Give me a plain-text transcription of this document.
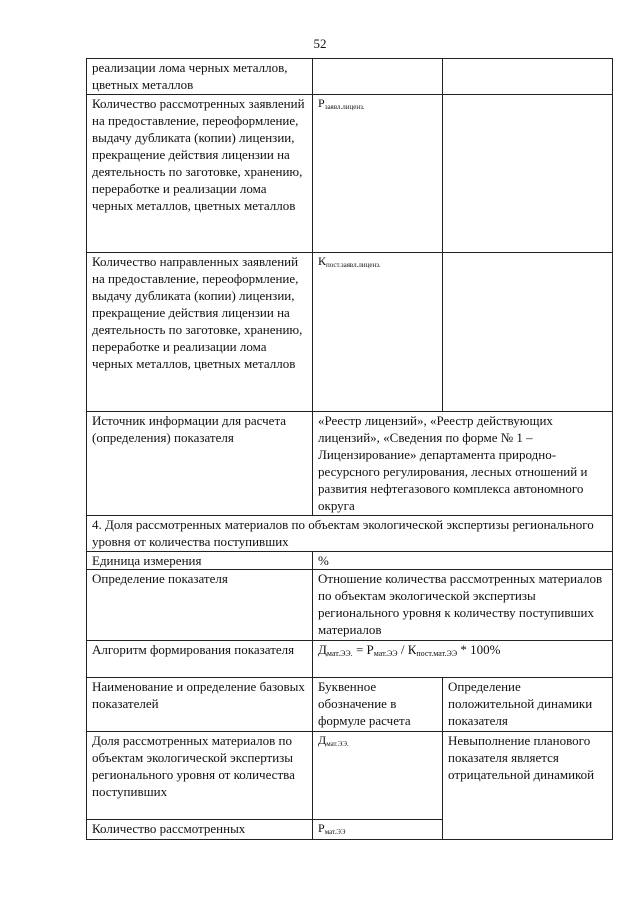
52
реализации лома черных металлов, цветных металлов		
Количество рассмотренных заявлений на предоставление, переоформление, выдачу дубликата (копии) лицензии, прекращение действия лицензии на деятельность по заготовке, хранению, переработке и реализации лома черных металлов, цветных металлов	$Р_{заявл.лиценз.}$	
Количество направленных заявлений на предоставление, переоформление, выдачу дубликата (копии) лицензии, прекращение действия лицензии на деятельность по заготовке, хранению, переработке и реализации лома черных металлов, цветных металлов	$К_{пост.заявл.лиценз.}$	
Источник информации для расчета (определения) показателя	«Реестр лицензий», «Реестр действующих лицензий», «Сведения по форме № 1 – Лицензирование» департамента природно-ресурсного регулирования, лесных отношений и развития нефтегазового комплекса автономного округа	
4. Доля рассмотренных материалов по объектам экологической экспертизы регионального уровня от количества поступивших		
Единица измерения	%	
Определение показателя	Отношение количества рассмотренных материалов по объектам экологической экспертизы регионального уровня к количеству поступивших материалов	
Алгоритм формирования показателя	$Д_{мат.ЭЭ.} = Р_{мат.ЭЭ} / К_{пост.мат.ЭЭ} * 100\%$	
Наименование и определение базовых показателей	Буквенное обозначение в формуле расчета	Определение положительной динамики показателя
Доля рассмотренных материалов по объектам экологической экспертизы регионального уровня от количества поступивших	$Д_{мат.ЭЭ.}$	Невыполнение планового показателя является отрицательной динамикой
Количество рассмотренных	$Р_{мат.ЭЭ}$
